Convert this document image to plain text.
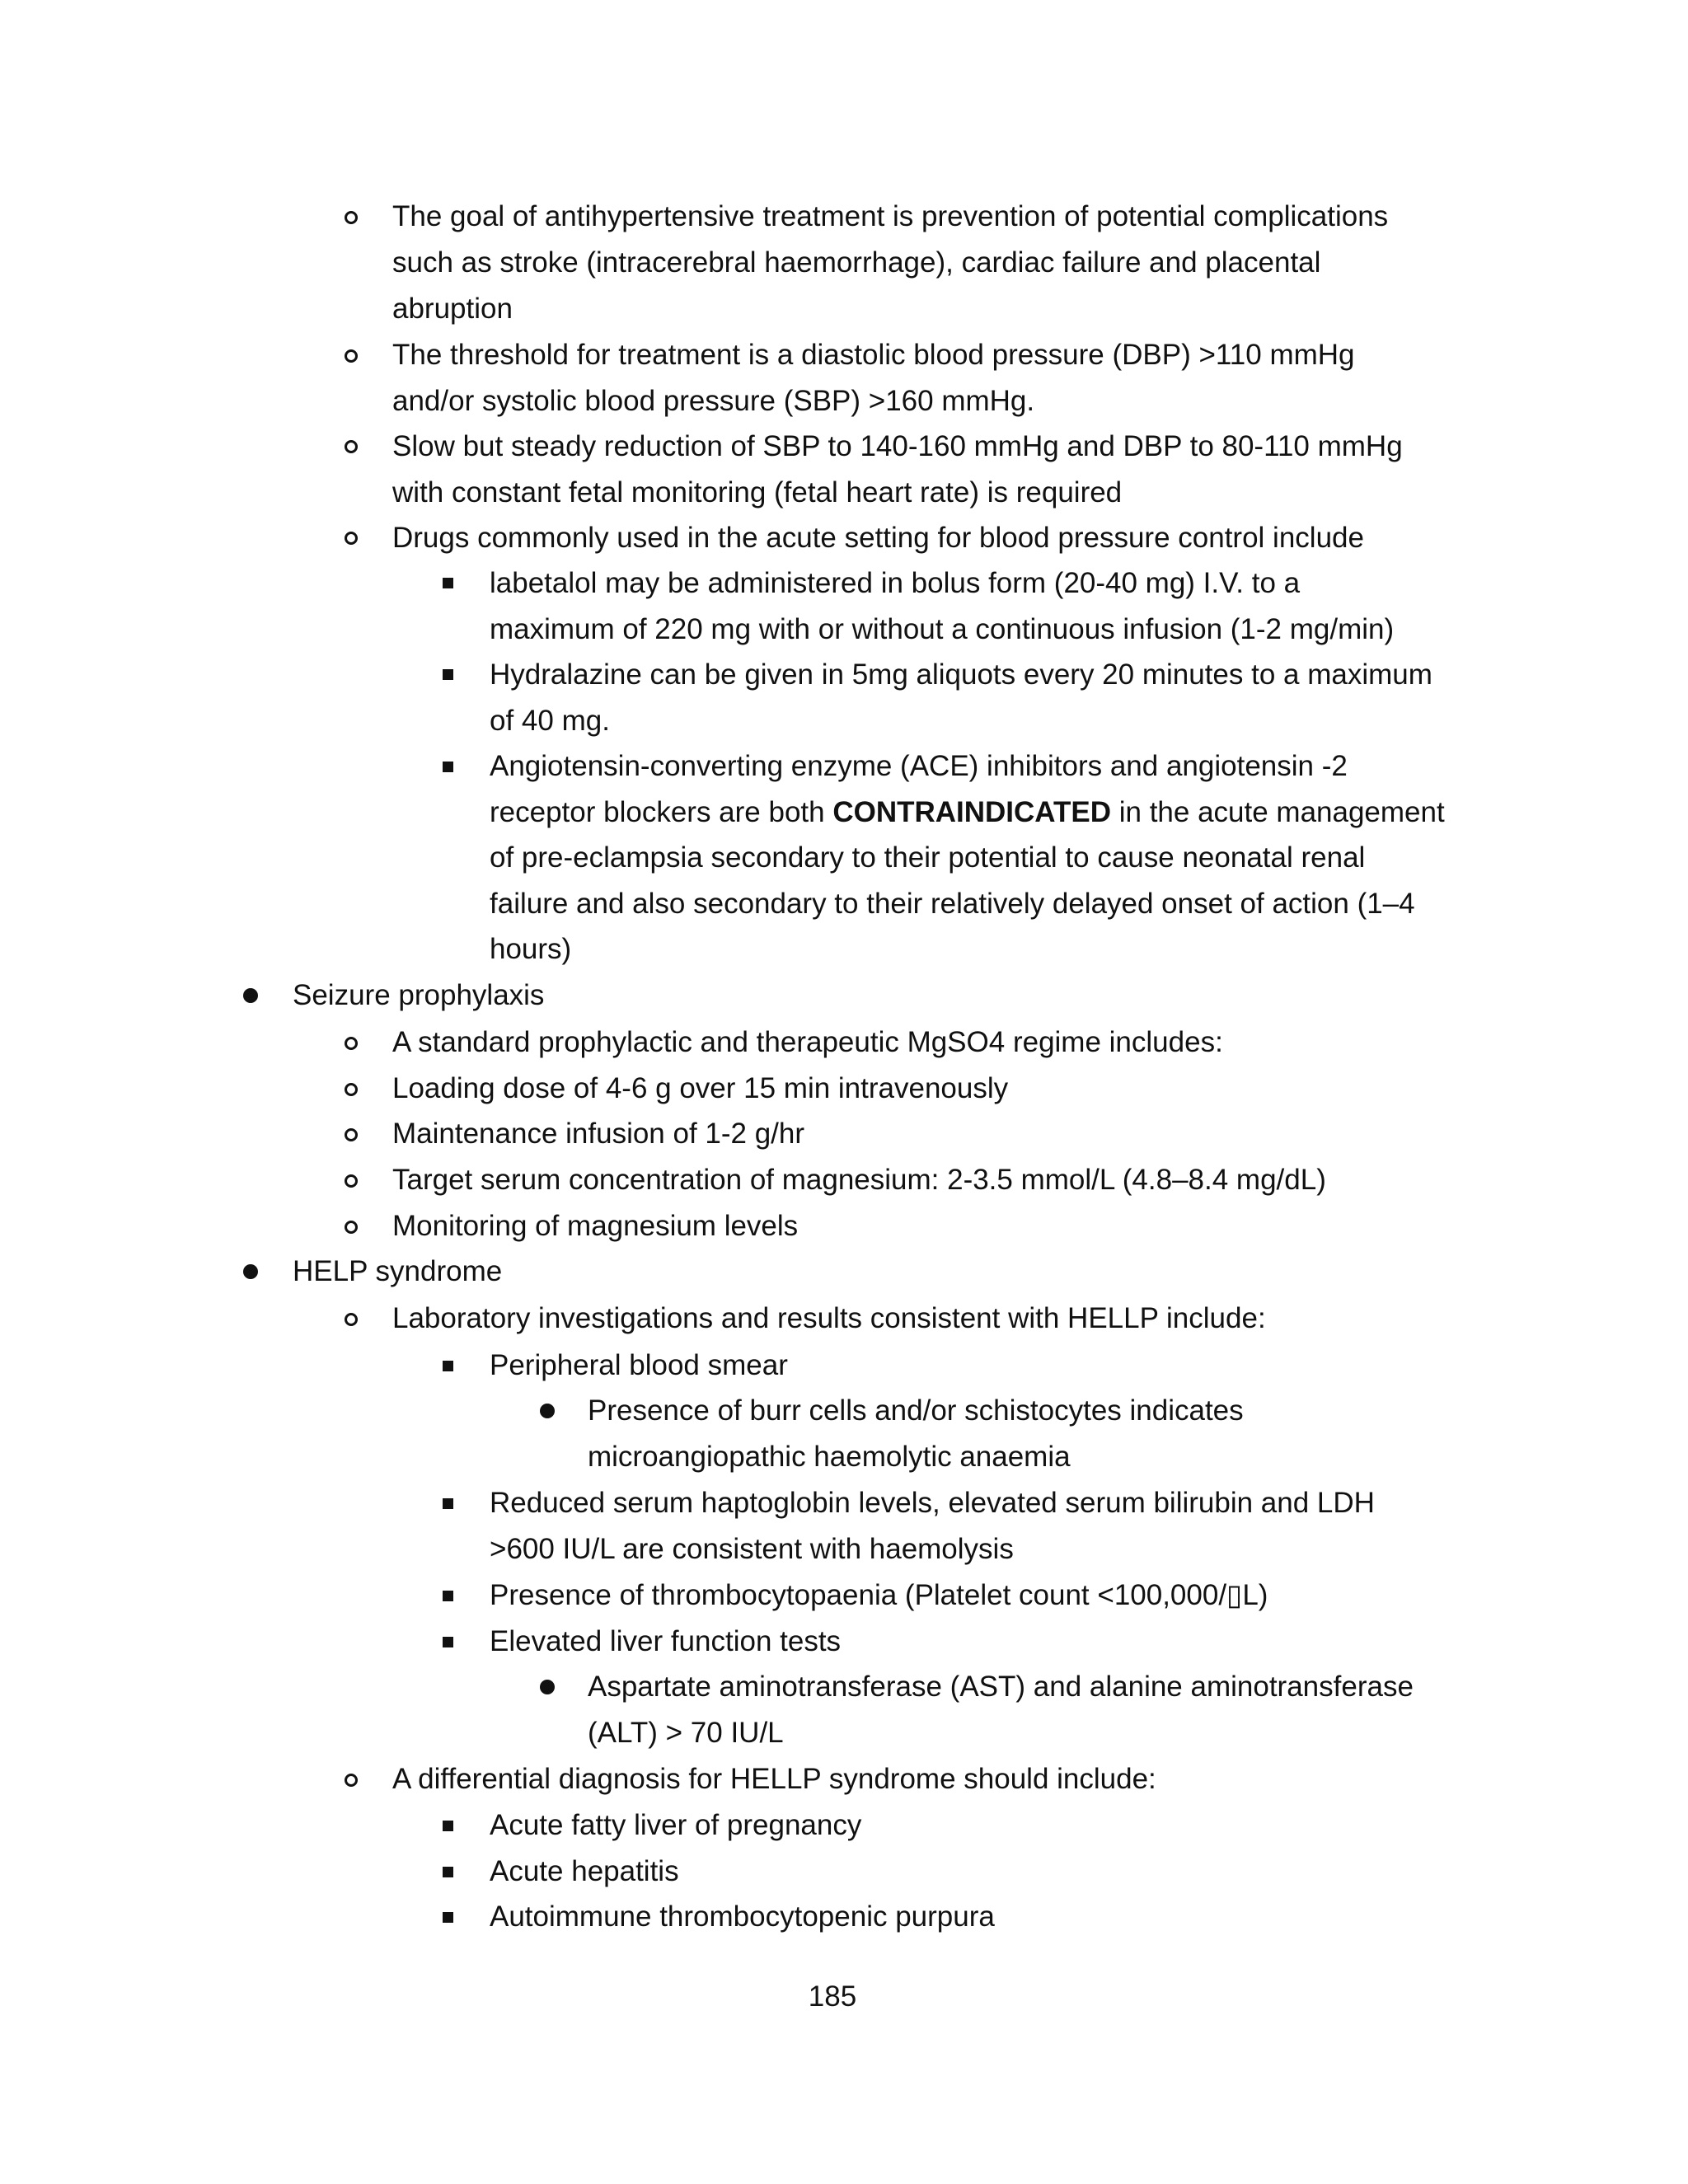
The goal of antihypertensive treatment is prevention of potential complications
such as stroke (intracerebral haemorrhage), cardiac failure and placental
abruption
The threshold for treatment is a diastolic blood pressure (DBP) >110 mmHg
and/or systolic blood pressure (SBP) >160 mmHg.
Slow but steady reduction of SBP to 140-160 mmHg and DBP to 80-110 mmHg
with constant fetal monitoring (fetal heart rate) is required
Drugs commonly used in the acute setting for blood pressure control include
labetalol may be administered in bolus form (20-40 mg) I.V. to a
maximum of 220 mg with or without a continuous infusion (1-2 mg/min)
Hydralazine can be given in 5mg aliquots every 20 minutes to a maximum
of 40 mg.
Angiotensin-converting enzyme (ACE) inhibitors and angiotensin -2
receptor blockers are both CONTRAINDICATED in the acute management
of pre-eclampsia secondary to their potential to cause neonatal renal
failure and also secondary to their relatively delayed onset of action (1–4
hours)
Seizure prophylaxis
A standard prophylactic and therapeutic MgSO4 regime includes:
Loading dose of 4-6 g over 15 min intravenously
Maintenance infusion of 1-2 g/hr
Target serum concentration of magnesium: 2-3.5 mmol/L (4.8–8.4 mg/dL)
Monitoring of magnesium levels
HELP syndrome
Laboratory investigations and results consistent with HELLP include:
Peripheral blood smear
Presence of burr cells and/or schistocytes indicates
microangiopathic haemolytic anaemia
Reduced serum haptoglobin levels, elevated serum bilirubin and LDH
>600 IU/L are consistent with haemolysis
Presence of thrombocytopaenia (Platelet count <100,000/▯L)
Elevated liver function tests
Aspartate aminotransferase (AST) and alanine aminotransferase
(ALT) > 70 IU/L
A differential diagnosis for HELLP syndrome should include:
Acute fatty liver of pregnancy
Acute hepatitis
Autoimmune thrombocytopenic purpura
185
